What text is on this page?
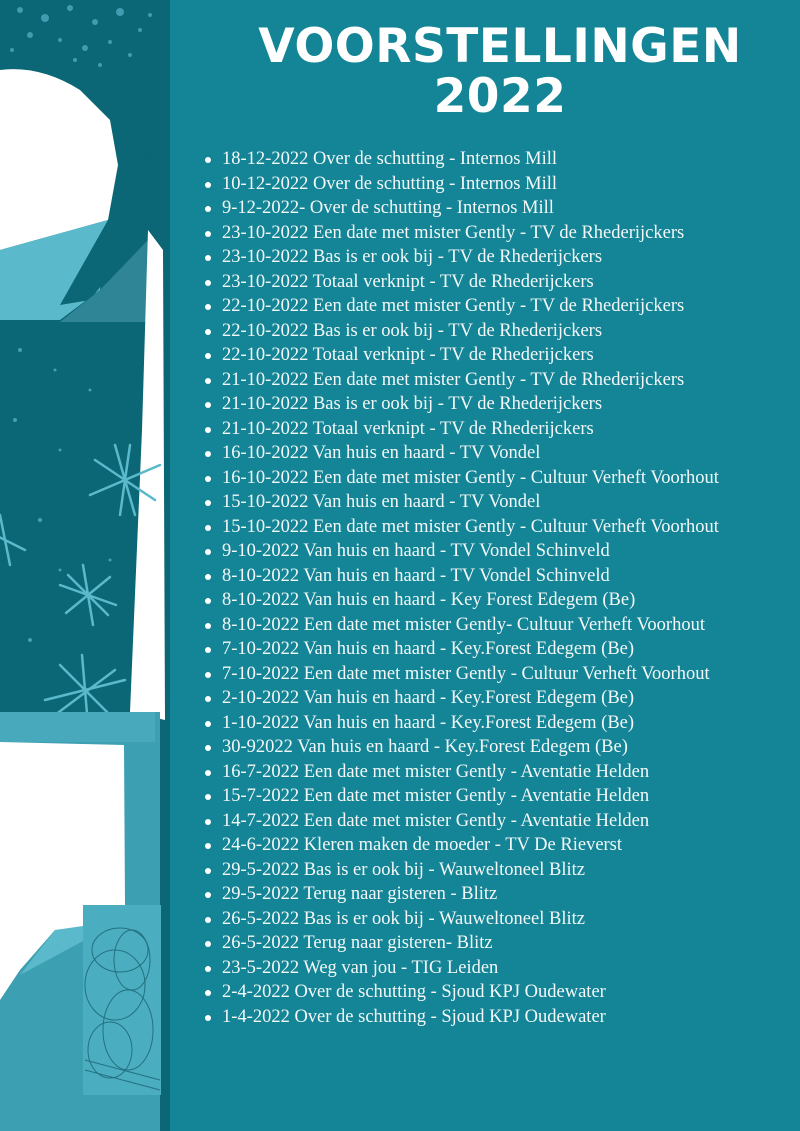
VOORSTELLINGEN
2022
18-12-2022 Over de schutting - Internos Mill
10-12-2022 Over de schutting - Internos Mill
9-12-2022- Over de schutting - Internos Mill
23-10-2022 Een date met mister Gently - TV de Rhederijckers
23-10-2022 Bas is er ook bij - TV de Rhederijckers
23-10-2022 Totaal verknipt - TV de Rhederijckers
22-10-2022 Een date met mister Gently - TV de Rhederijckers
22-10-2022 Bas is er ook bij - TV de Rhederijckers
22-10-2022 Totaal verknipt - TV de Rhederijckers
21-10-2022 Een date met mister Gently - TV de Rhederijckers
21-10-2022 Bas is er ook bij - TV de Rhederijckers
21-10-2022 Totaal verknipt - TV de Rhederijckers
16-10-2022 Van huis en haard - TV Vondel
16-10-2022 Een date met mister Gently - Cultuur Verheft Voorhout
15-10-2022 Van huis en haard - TV Vondel
15-10-2022 Een date met mister Gently - Cultuur Verheft Voorhout
9-10-2022 Van huis en haard - TV Vondel Schinveld
8-10-2022 Van huis en haard - TV Vondel Schinveld
8-10-2022 Van huis en haard - Key Forest Edegem (Be)
8-10-2022 Een date met mister Gently- Cultuur Verheft Voorhout
7-10-2022 Van huis en haard - Key.Forest Edegem (Be)
7-10-2022 Een date met mister Gently - Cultuur Verheft Voorhout
2-10-2022 Van huis en haard - Key.Forest Edegem (Be)
1-10-2022 Van huis en haard - Key.Forest Edegem (Be)
30-92022 Van huis en haard - Key.Forest Edegem (Be)
16-7-2022 Een date met mister Gently - Aventatie Helden
15-7-2022 Een date met mister Gently - Aventatie Helden
14-7-2022 Een date met mister Gently - Aventatie Helden
24-6-2022 Kleren maken de moeder - TV De Rieverst
29-5-2022 Bas is er ook bij - Wauweltoneel Blitz
29-5-2022 Terug naar gisteren - Blitz
26-5-2022 Bas is er ook bij - Wauweltoneel Blitz
26-5-2022 Terug naar gisteren- Blitz
23-5-2022 Weg van jou - TIG Leiden
2-4-2022 Over de schutting - Sjoud KPJ Oudewater
1-4-2022 Over de schutting - Sjoud KPJ Oudewater
